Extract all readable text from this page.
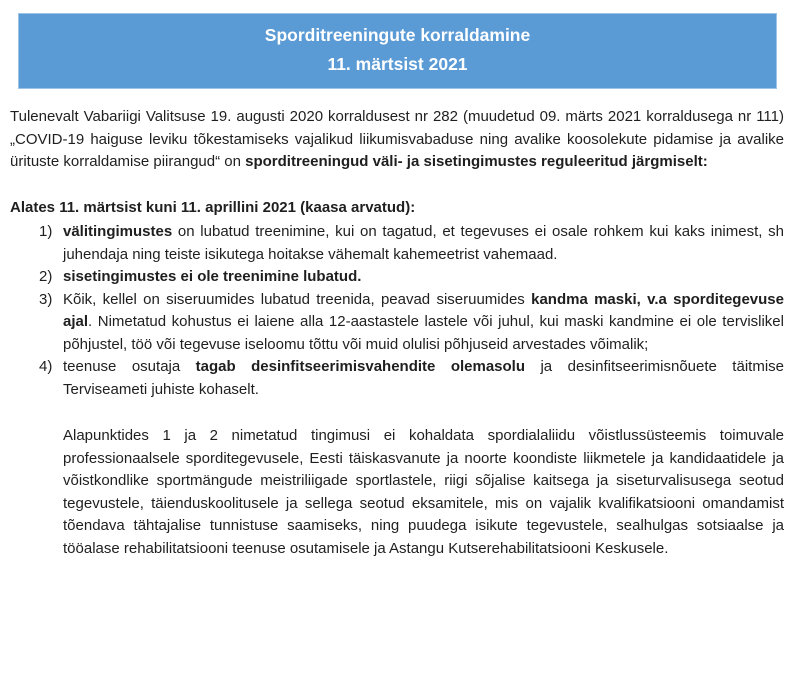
Sporditreeningute korraldamine
11. märtsist 2021

Tulenevalt Vabariigi Valitsuse 19. augusti 2020 korraldusest nr 282 (muudetud 09. märts 2021 korraldusega nr 111) „COVID-19 haiguse leviku tõkestamiseks vajalikud liikumisvabaduse ning avalike koosolekute pidamise ja avalike ürituste korraldamise piirangud“ on sporditreeningud väli- ja sisetingimustes reguleeritud järgmiselt:

Alates 11. märtsist kuni 11. aprillini 2021 (kaasa arvatud):

1) välitingimustes on lubatud treenimine, kui on tagatud, et tegevuses ei osale rohkem kui kaks inimest, sh juhendaja ning teiste isikutega hoitakse vähemalt kahemeetrist vahemaad.
2) sisetingimustes ei ole treenimine lubatud.
3) Kõik, kellel on siseruumides lubatud treenida, peavad siseruumides kandma maski, v.a sporditegevuse ajal. Nimetatud kohustus ei laiene alla 12-aastastele lastele või juhul, kui maski kandmine ei ole tervislikel põhjustel, töö või tegevuse iseloomu tõttu või muid olulisi põhjuseid arvestades võimalik;
4) teenuse osutaja tagab desinfitseerimisvahendite olemasolu ja desinfitseerimisnõuete täitmise Terviseameti juhiste kohaselt.

Alapunktides 1 ja 2 nimetatud tingimusi ei kohaldata spordialaliidu võistlussüsteemis toimuvale professionaalsele sporditegevusele, Eesti täiskasvanute ja noorte koondiste liikmetele ja kandidaatidele ja võistkondlike sportmängude meistriliigade sportlastele, riigi sõjalise kaitsega ja siseturvalisusega seotud tegevustele, täienduskoolitusele ja sellega seotud eksamitele, mis on vajalik kvalifikatsiooni omandamist tõendava tähtajalise tunnistuse saamiseks, ning puudega isikute tegevustele, sealhulgas sotsiaalse ja tööalase rehabilitatsiooni teenuse osutamisele ja Astangu Kutserehabilitatsiooni Keskusele.
